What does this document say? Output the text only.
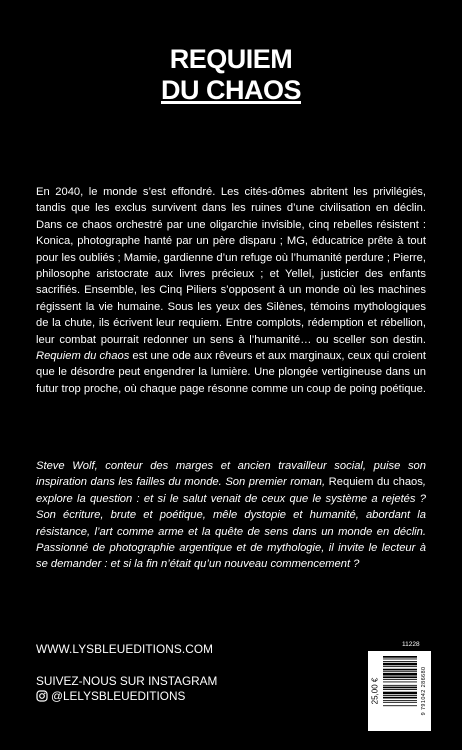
REQUIEM
DU CHAOS
En 2040, le monde s’est effondré. Les cités-dômes abritent les privilégiés, tandis que les exclus survivent dans les ruines d’une civilisation en déclin. Dans ce chaos orchestré par une oligarchie invisible, cinq rebelles résistent : Konica, photographe hanté par un père disparu ; MG, éducatrice prête à tout pour les oubliés ; Mamie, gardienne d’un refuge où l’humanité perdure ; Pierre, philosophe aristocrate aux livres précieux ; et Yellel, justicier des enfants sacrifiés. Ensemble, les Cinq Piliers s’opposent à un monde où les machines régissent la vie humaine. Sous les yeux des Silènes, témoins mythologiques de la chute, ils écrivent leur requiem. Entre complots, rédemption et rébellion, leur combat pourrait redonner un sens à l’humanité… ou sceller son destin. Requiem du chaos est une ode aux rêveurs et aux marginaux, ceux qui croient que le désordre peut engendrer la lumière. Une plongée vertigineuse dans un futur trop proche, où chaque page résonne comme un coup de poing poétique.
Steve Wolf, conteur des marges et ancien travailleur social, puise son inspiration dans les failles du monde. Son premier roman, Requiem du chaos, explore la question : et si le salut venait de ceux que le système a rejetés ? Son écriture, brute et poétique, mêle dystopie et humanité, abordant la résistance, l’art comme arme et la quête de sens dans un monde en déclin. Passionné de photographie argentique et de mythologie, il invite le lecteur à se demander : et si la fin n’était qu’un nouveau commencement ?
WWW.LYSBLEUEDITIONS.COM
SUIVEZ-NOUS SUR INSTAGRAM
@LELYSBLEUEDITIONS
11228
25,00 €	9 791042 286680
